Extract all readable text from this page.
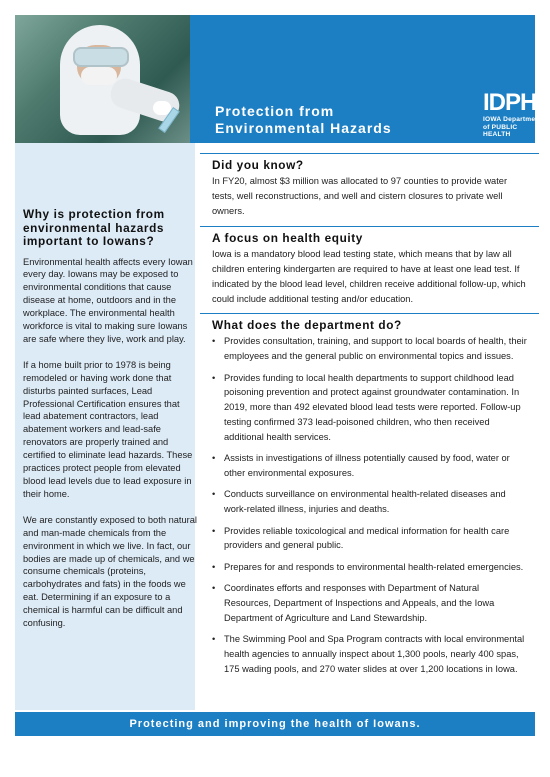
Protection from
Environmental Hazards
IDPH
IOWA Department
of PUBLIC HEALTH
Why is protection from environmental hazards important to Iowans?

Environmental health affects every Iowan every day. Iowans may be exposed to environmental conditions that cause disease at home, outdoors and in the workplace. The environmental health workforce is vital to making sure Iowans are safe where they live, work and play.

If a home built prior to 1978 is being remodeled or having work done that disturbs painted surfaces, Lead Professional Certification ensures that lead abatement contractors, lead abatement workers and lead-safe renovators are properly trained and certified to eliminate lead hazards. These practices protect people from elevated blood lead levels due to lead exposure in their home.

We are constantly exposed to both natural and man-made chemicals from the environment in which we live. In fact, our bodies are made up of chemicals, and we consume chemicals (proteins, carbohydrates and fats) in the foods we eat. Determining if an exposure to a chemical is harmful can be difficult and confusing.

Did you know?

In FY20, almost $3 million was allocated to 97 counties to provide water tests, well reconstructions, and well and cistern closures to private well owners.

A focus on health equity

Iowa is a mandatory blood lead testing state, which means that by law all children entering kindergarten are required to have at least one lead test. If indicated by the blood lead level, children receive additional follow-up, which could include additional testing and/or education.

What does the department do?
• Provides consultation, training, and support to local boards of health, their employees and the general public on environmental topics and issues.
• Provides funding to local health departments to support childhood lead poisoning prevention and protect against groundwater contamination. In 2019, more than 492 elevated blood lead tests were reported. Follow-up testing confirmed 373 lead-poisoned children, who then received additional health services.
• Assists in investigations of illness potentially caused by food, water or other environmental exposures.
• Conducts surveillance on environmental health-related diseases and work-related illness, injuries and deaths.
• Provides reliable toxicological and medical information for health care providers and general public.
• Prepares for and responds to environmental health-related emergencies.
• Coordinates efforts and responses with Department of Natural Resources, Department of Inspections and Appeals, and the Iowa Department of Agriculture and Land Stewardship.
• The Swimming Pool and Spa Program contracts with local environmental health agencies to annually inspect about 1,300 pools, nearly 400 spas, 175 wading pools, and 270 water slides at over 1,200 locations in Iowa.
Protecting and improving the health of Iowans.
